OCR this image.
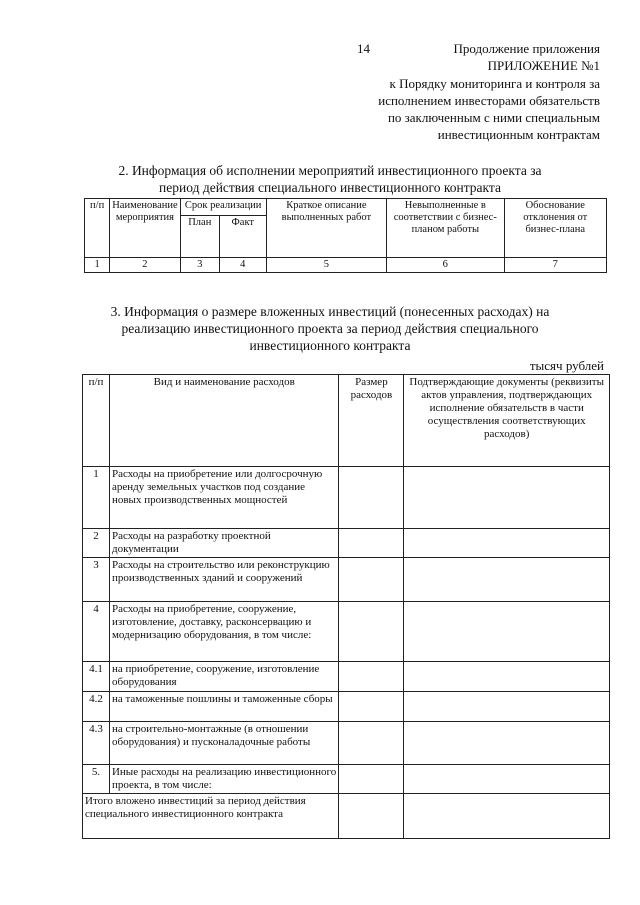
14	Продолжение приложения
ПРИЛОЖЕНИЕ №1
к Порядку мониторинга и контроля за
исполнением инвесторами обязательств
по заключенным с ними специальным
инвестиционным контрактам
2. Информация об исполнении мероприятий инвестиционного проекта за
период действия специального инвестиционного контракта
п/п	Наименование мероприятия	Срок реализации		Краткое описание выполненных работ	Невыполненные в соответствии с бизнес-планом работы	Обоснование отклонения от бизнес-плана
		План	Факт			
1	2	3	4	5	6	7
3. Информация о размере вложенных инвестиций (понесенных расходах) на
реализацию инвестиционного проекта за период действия специального
инвестиционного контракта
тысяч рублей
п/п	Вид и наименование расходов	Размер расходов	Подтверждающие документы (реквизиты актов управления, подтверждающих исполнение обязательств в части осуществления соответствующих расходов)
1	Расходы на приобретение или долгосрочную аренду земельных участков под создание новых производственных мощностей		
2	Расходы на разработку проектной документации		
3	Расходы на строительство или реконструкцию производственных зданий и сооружений		
4	Расходы на приобретение, сооружение, изготовление, доставку, расконсервацию и модернизацию оборудования, в том числе:		
4.1	на приобретение, сооружение, изготовление оборудования		
4.2	на таможенные пошлины и таможенные сборы		
4.3	на строительно-монтажные (в отношении оборудования) и пусконаладочные работы		
5.	Иные расходы на реализацию инвестиционного проекта, в том числе:		
Итого вложено инвестиций за период действия специального инвестиционного контракта			
